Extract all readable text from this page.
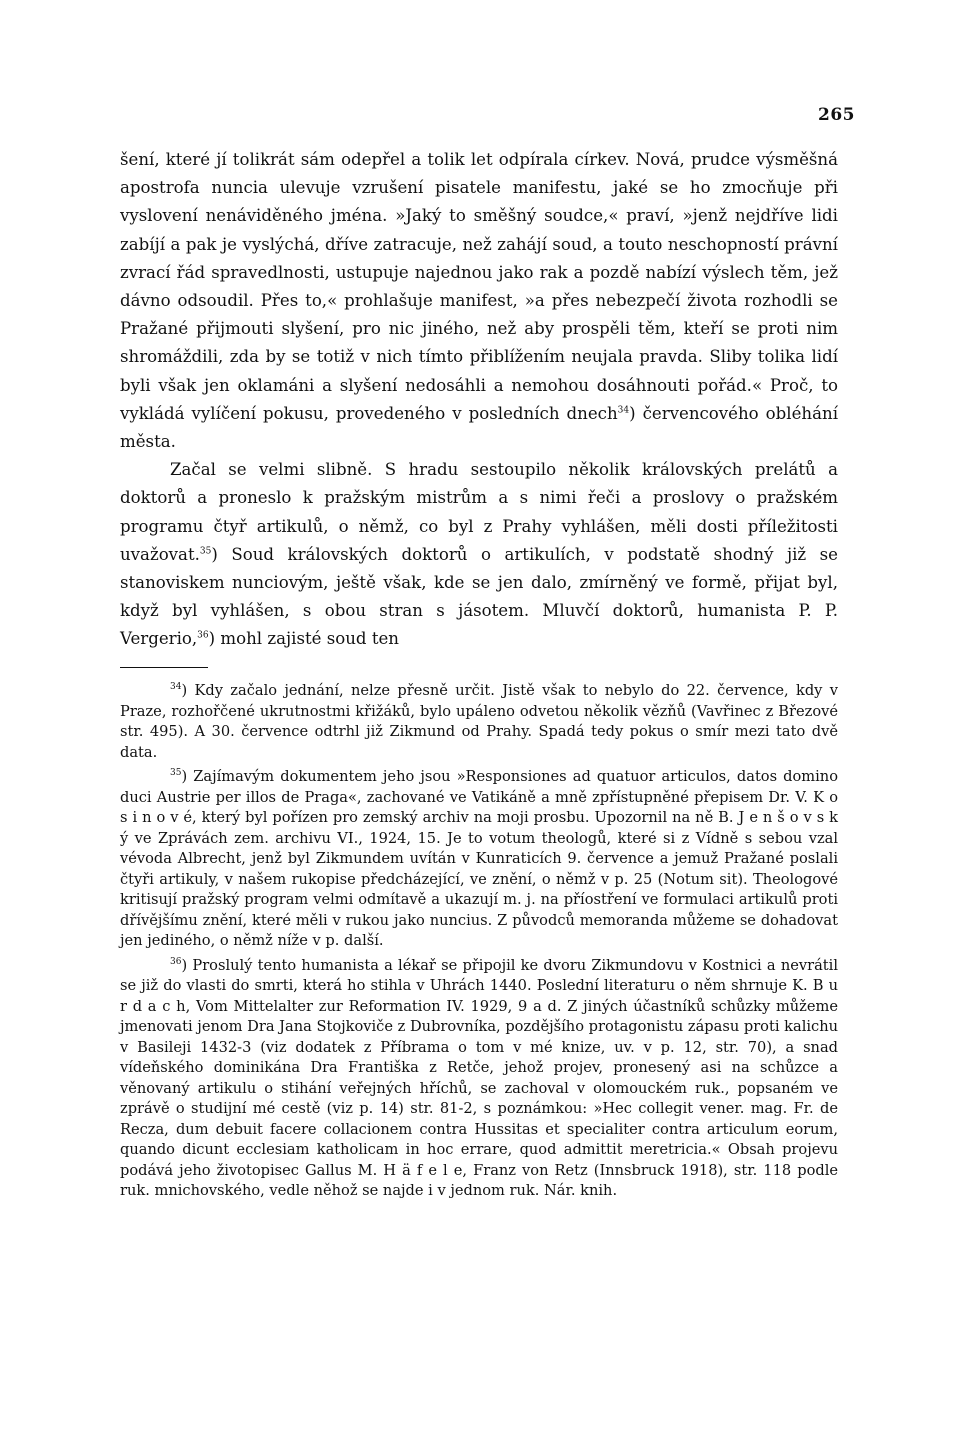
265

šení, které jí tolikrát sám odepřel a tolik let odpírala církev. Nová, prudce výsměšná apostrofa nuncia ulevuje vzrušení pisatele manifestu, jaké se ho zmocňuje při vyslovení nenáviděného jména. »Jaký to směšný soudce,« praví, »jenž nejdříve lidi zabíjí a pak je vyslýchá, dříve zatracuje, než zahájí soud, a touto neschopností právní zvrací řád spravedlnosti, ustupuje najednou jako rak a pozdě nabízí výslech těm, jež dávno odsoudil. Přes to,« prohlašuje manifest, »a přes nebezpečí života rozhodli se Pražané přijmouti slyšení, pro nic jiného, než aby prospěli těm, kteří se proti nim shromáždili, zda by se totiž v nich tímto přiblížením neujala pravda. Sliby tolika lidí byli však jen oklamáni a slyšení nedosáhli a nemohou dosáhnouti pořád.« Proč, to vykládá vylíčení pokusu, provedeného v posledních dnech$^{34}$) červencového obléhání města.

Začal se velmi slibně. S hradu sestoupilo několik královských prelátů a doktorů a proneslo k pražským mistrům a s nimi řeči a proslovy o pražském programu čtyř artikulů, o němž, co byl z Prahy vyhlášen, měli dosti příležitosti uvažovat.$^{35}$) Soud královských doktorů o artikulích, v podstatě shodný již se stanoviskem nunciovým, ještě však, kde se jen dalo, zmírněný ve formě, přijat byl, když byl vyhlášen, s obou stran s jásotem. Mluvčí doktorů, humanista P. P. Vergerio,$^{36}$) mohl zajisté soud ten

$^{34}$) Kdy začalo jednání, nelze přesně určit. Jistě však to nebylo do 22. července, kdy v Praze, rozhořčené ukrutnostmi křižáků, bylo upáleno odvetou několik vězňů (Vavřinec z Březové str. 495). A 30. července odtrhl již Zikmund od Prahy. Spadá tedy pokus o smír mezi tato dvě data.

$^{35}$) Zajímavým dokumentem jeho jsou »Responsiones ad quatuor articulos, datos domino duci Austrie per illos de Praga«, zachované ve Vatikáně a mně zpřístupněné přepisem Dr. V. K o s i n o v é, který byl pořízen pro zemský archiv na moji prosbu. Upozornil na ně B. J e n š o v s k ý ve Zprávách zem. archivu VI., 1924, 15. Je to votum theologů, které si z Vídně s sebou vzal vévoda Albrecht, jenž byl Zikmundem uvítán v Kunraticích 9. července a jemuž Pražané poslali čtyři artikuly, v našem rukopise předcházející, ve znění, o němž v p. 25 (Notum sit). Theologové kritisují pražský program velmi odmítavě a ukazují m. j. na příostření ve formulaci artikulů proti dřívějšímu znění, které měli v rukou jako nuncius. Z původců memoranda můžeme se dohadovat jen jediného, o němž níže v p. další.

$^{36}$) Proslulý tento humanista a lékař se připojil ke dvoru Zikmundovu v Kostnici a nevrátil se již do vlasti do smrti, která ho stihla v Uhrách 1440. Poslední literaturu o něm shrnuje K. B u r d a c h, Vom Mittelalter zur Reformation IV. 1929, 9 a d. Z jiných účastníků schůzky můžeme jmenovati jenom Dra Jana Stojkoviče z Dubrovníka, pozdějšího protagonistu zápasu proti kalichu v Basileji 1432-3 (viz dodatek z Příbrama o tom v mé knize, uv. v p. 12, str. 70), a snad vídeňského dominikána Dra Františka z Retče, jehož projev, pronesený asi na schůzce a věnovaný artikulu o stihání veřejných hříchů, se zachoval v olomouckém ruk., popsaném ve zprávě o studijní mé cestě (viz p. 14) str. 81-2, s poznámkou: »Hec collegit vener. mag. Fr. de Recza, dum debuit facere collacionem contra Hussitas et specialiter contra articulum eorum, quando dicunt ecclesiam katholicam in hoc errare, quod admittit meretricia.« Obsah projevu podává jeho životopisec Gallus M. H ä f e l e, Franz von Retz (Innsbruck 1918), str. 118 podle ruk. mnichovského, vedle něhož se najde i v jednom ruk. Nár. knih.
